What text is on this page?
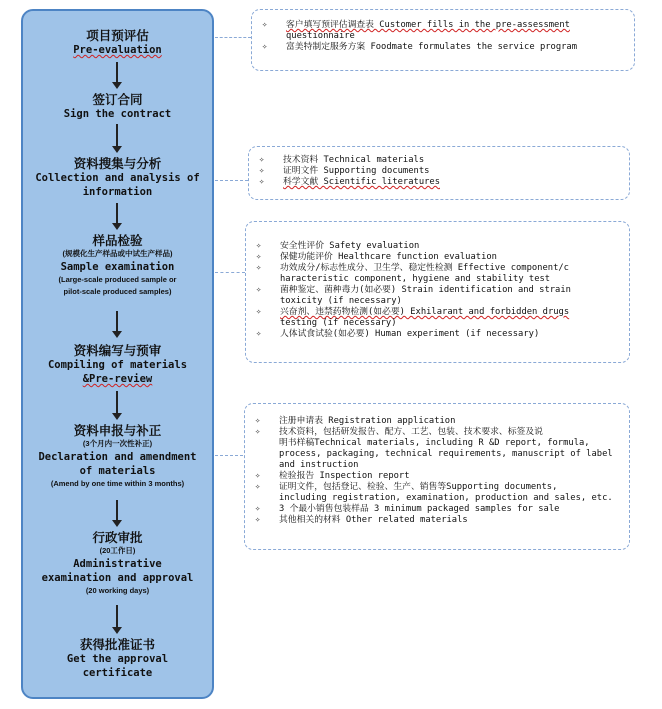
项目预评估
Pre-evaluation
签订合同
Sign the contract
资料搜集与分析
Collection and analysis of
information
样品检验
(规模化生产样品或中试生产样品)
Sample examination
(Large-scale produced sample or
pilot-scale produced samples)
资料编写与预审
Compiling of materials
&Pre-review
资料申报与补正
(3个月内一次性补正)
Declaration and amendment
of materials
(Amend by one time within 3 months)
行政审批
(20工作日)
Administrative
examination and approval
(20 working days)
获得批准证书
Get the approval
certificate
✧ 客户填写预评估调查表 Customer fills in the pre-assessment
questionnaire
✧ 富美特制定服务方案 Foodmate formulates the service program
✧ 技术资料 Technical materials
✧ 证明文件 Supporting documents
✧ 科学文献 Scientific literatures
✧ 安全性评价 Safety evaluation
✧ 保健功能评价 Healthcare function evaluation
✧ 功效成分/标志性成分、卫生学、稳定性检测 Effective component/c
haracteristic component, hygiene and stability test
✧ 菌种鉴定、菌种毒力(如必要) Strain identification and strain
toxicity (if necessary)
✧ 兴奋剂、违禁药物检测(如必要) Exhilarant and forbidden drugs
testing (if necessary)
✧ 人体试食试验(如必要) Human experiment (if necessary)
✧ 注册申请表 Registration application
✧ 技术资料，包括研发报告、配方、工艺、包装、技术要求、标签及说
明书样稿Technical materials, including R &D report, formula,
process, packaging, technical requirements, manuscript of label
and instruction
✧ 检验报告 Inspection report
✧ 证明文件，包括登记、检验、生产、销售等Supporting documents,
including registration, examination, production and sales, etc.
✧ 3 个最小销售包装样品 3 minimum packaged samples for sale
✧ 其他相关的材料 Other related materials
